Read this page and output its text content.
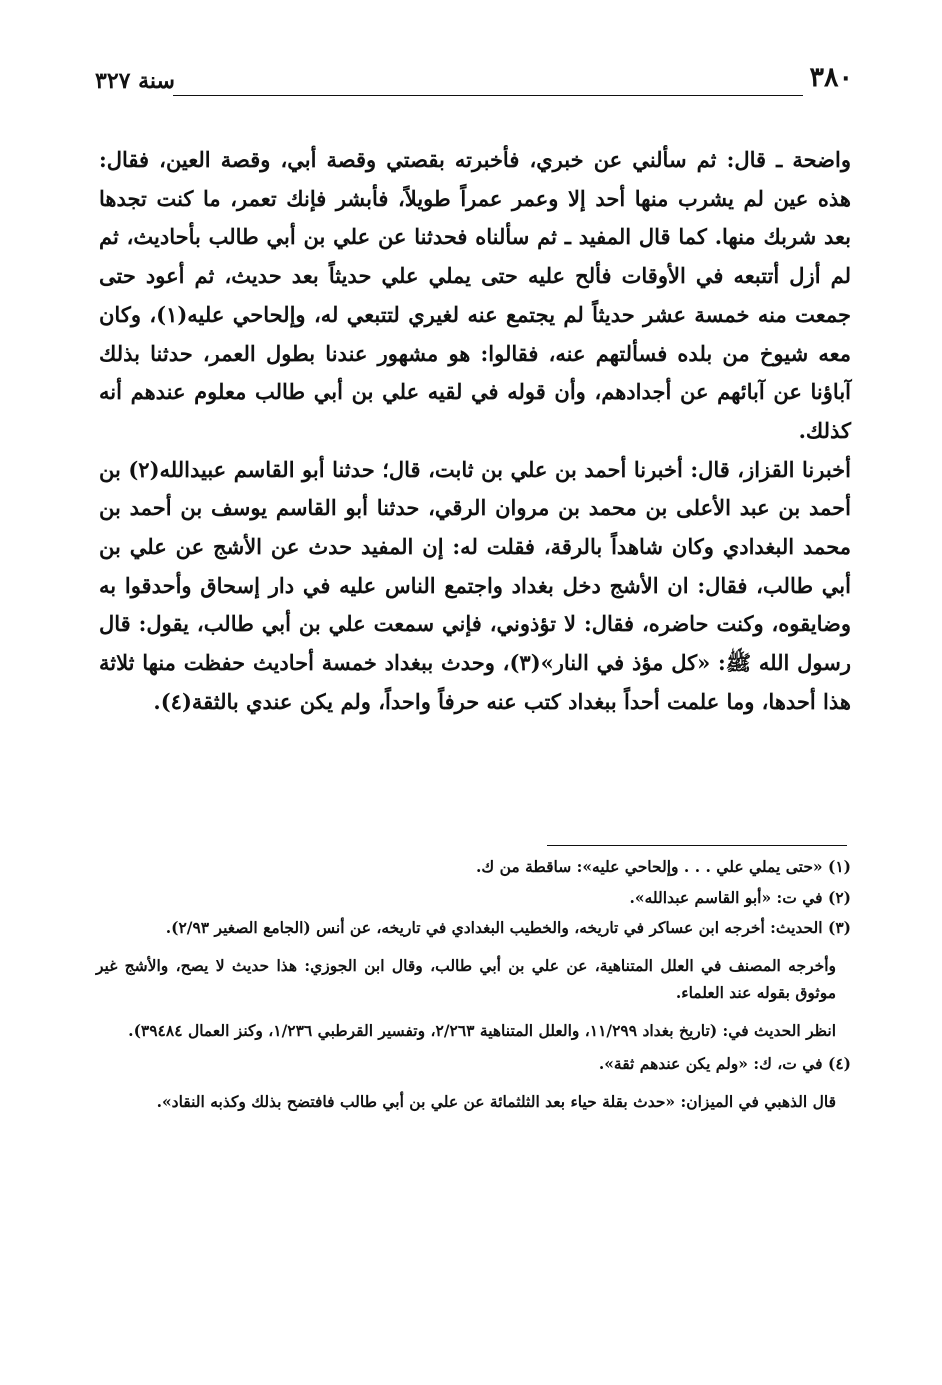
٣٨٠
سنة ٣٢٧

واضحة ـ قال: ثم سألني عن خبري، فأخبرته بقصتي وقصة أبي، وقصة العين، فقال: هذه عين لم يشرب منها أحد إلا وعمر عمراً طويلاً، فأبشر فإنك تعمر، ما كنت تجدها بعد شربك منها. كما قال المفيد ـ ثم سألناه فحدثنا عن علي بن أبي طالب بأحاديث، ثم لم أزل أتتبعه في الأوقات فألح عليه حتى يملي علي حديثاً بعد حديث، ثم أعود حتى جمعت منه خمسة عشر حديثاً لم يجتمع عنه لغيري لتتبعي له، وإلحاحي عليه(١)، وكان معه شيوخ من بلده فسألتهم عنه، فقالوا: هو مشهور عندنا بطول العمر، حدثنا بذلك آباؤنا عن آبائهم عن أجدادهم، وأن قوله في لقيه علي بن أبي طالب معلوم عندهم أنه كذلك.

أخبرنا القزاز، قال: أخبرنا أحمد بن علي بن ثابت، قال؛ حدثنا أبو القاسم عبيدالله(٢) بن أحمد بن عبد الأعلى بن محمد بن مروان الرقي، حدثنا أبو القاسم يوسف بن أحمد بن محمد البغدادي وكان شاهداً بالرقة، فقلت له: إن المفيد حدث عن الأشج عن علي بن أبي طالب، فقال: ان الأشج دخل بغداد واجتمع الناس عليه في دار إسحاق وأحدقوا به وضايقوه، وكنت حاضره، فقال: لا تؤذوني، فإني سمعت علي بن أبي طالب، يقول: قال رسول الله ﷺ: «كل مؤذ في النار»(٣)، وحدث ببغداد خمسة أحاديث حفظت منها ثلاثة هذا أحدها، وما علمت أحداً ببغداد كتب عنه حرفاً واحداً، ولم يكن عندي بالثقة(٤).

(١) «حتى يملي علي . . . وإلحاحي عليه»: ساقطة من ك.

(٢) في ت: «أبو القاسم عبدالله».

(٣) الحديث: أخرجه ابن عساكر في تاريخه، والخطيب البغدادي في تاريخه، عن أنس (الجامع الصغير ٢/٩٣).

وأخرجه المصنف في العلل المتناهية، عن علي بن أبي طالب، وقال ابن الجوزي: هذا حديث لا يصح، والأشج غير موثوق بقوله عند العلماء.

انظر الحديث في: (تاريخ بغداد ١١/٢٩٩، والعلل المتناهية ٢/٢٦٣، وتفسير القرطبي ١/٢٣٦، وكنز العمال ٣٩٤٨٤).

(٤) في ت، ك: «ولم يكن عندهم ثقة».

قال الذهبي في الميزان: «حدث بقلة حياء بعد الثلثمائة عن علي بن أبي طالب فافتضح بذلك وكذبه النقاد».
